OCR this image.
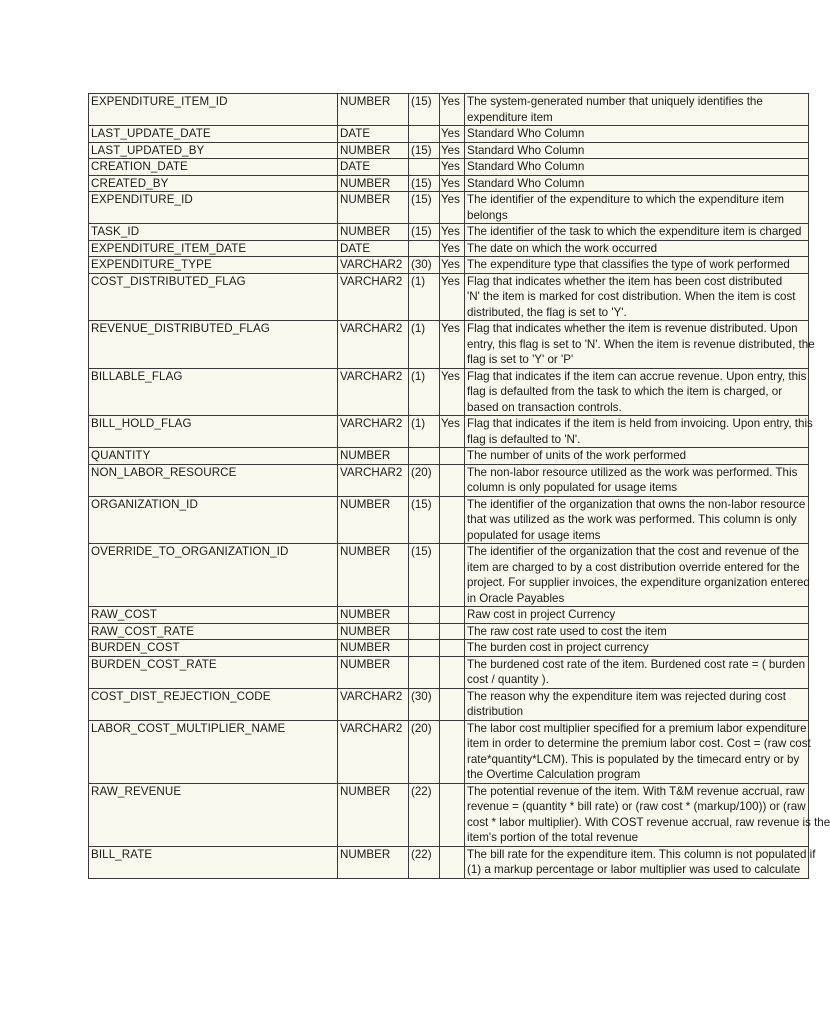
EXPENDITURE_ITEM_ID	NUMBER	(15)	Yes	The system-generated number that uniquely identifies the
expenditure item
LAST_UPDATE_DATE	DATE		Yes	Standard Who Column
LAST_UPDATED_BY	NUMBER	(15)	Yes	Standard Who Column
CREATION_DATE	DATE		Yes	Standard Who Column
CREATED_BY	NUMBER	(15)	Yes	Standard Who Column
EXPENDITURE_ID	NUMBER	(15)	Yes	The identifier of the expenditure to which the expenditure item
belongs
TASK_ID	NUMBER	(15)	Yes	The identifier of the task to which the expenditure item is charged
EXPENDITURE_ITEM_DATE	DATE		Yes	The date on which the work occurred
EXPENDITURE_TYPE	VARCHAR2	(30)	Yes	The expenditure type that classifies the type of work performed
COST_DISTRIBUTED_FLAG	VARCHAR2	(1)	Yes	Flag that indicates whether the item has been cost distributed
'N' the item is marked for cost distribution. When the item is cost
distributed, the flag is set to 'Y'.
REVENUE_DISTRIBUTED_FLAG	VARCHAR2	(1)	Yes	Flag that indicates whether the item is revenue distributed. Upon
entry, this flag is set to 'N'. When the item is revenue distributed, the
flag is set to 'Y' or 'P'
BILLABLE_FLAG	VARCHAR2	(1)	Yes	Flag that indicates if the item can accrue revenue. Upon entry, this
flag is defaulted from the task to which the item is charged, or
based on transaction controls.
BILL_HOLD_FLAG	VARCHAR2	(1)	Yes	Flag that indicates if the item is held from invoicing. Upon entry, this
flag is defaulted to 'N'.
QUANTITY	NUMBER			The number of units of the work performed
NON_LABOR_RESOURCE	VARCHAR2	(20)		The non-labor resource utilized as the work was performed. This
column is only populated for usage items
ORGANIZATION_ID	NUMBER	(15)		The identifier of the organization that owns the non-labor resource
that was utilized as the work was performed. This column is only
populated for usage items
OVERRIDE_TO_ORGANIZATION_ID	NUMBER	(15)		The identifier of the organization that the cost and revenue of the
item are charged to by a cost distribution override entered for the
project. For supplier invoices, the expenditure organization entered
in Oracle Payables
RAW_COST	NUMBER			Raw cost in project Currency
RAW_COST_RATE	NUMBER			The raw cost rate used to cost the item
BURDEN_COST	NUMBER			The burden cost in project currency
BURDEN_COST_RATE	NUMBER			The burdened cost rate of the item. Burdened cost rate = ( burden
cost / quantity ).
COST_DIST_REJECTION_CODE	VARCHAR2	(30)		The reason why the expenditure item was rejected during cost
distribution
LABOR_COST_MULTIPLIER_NAME	VARCHAR2	(20)		The labor cost multiplier specified for a premium labor expenditure
item in order to determine the premium labor cost. Cost = (raw cost
rate*quantity*LCM). This is populated by the timecard entry or by
the Overtime Calculation program
RAW_REVENUE	NUMBER	(22)		The potential revenue of the item. With T&M revenue accrual, raw
revenue = (quantity * bill rate) or (raw cost * (markup/100)) or (raw
cost * labor multiplier). With COST revenue accrual, raw revenue is the
item's portion of the total revenue
BILL_RATE	NUMBER	(22)		The bill rate for the expenditure item. This column is not populated if
(1) a markup percentage or labor multiplier was used to calculate
